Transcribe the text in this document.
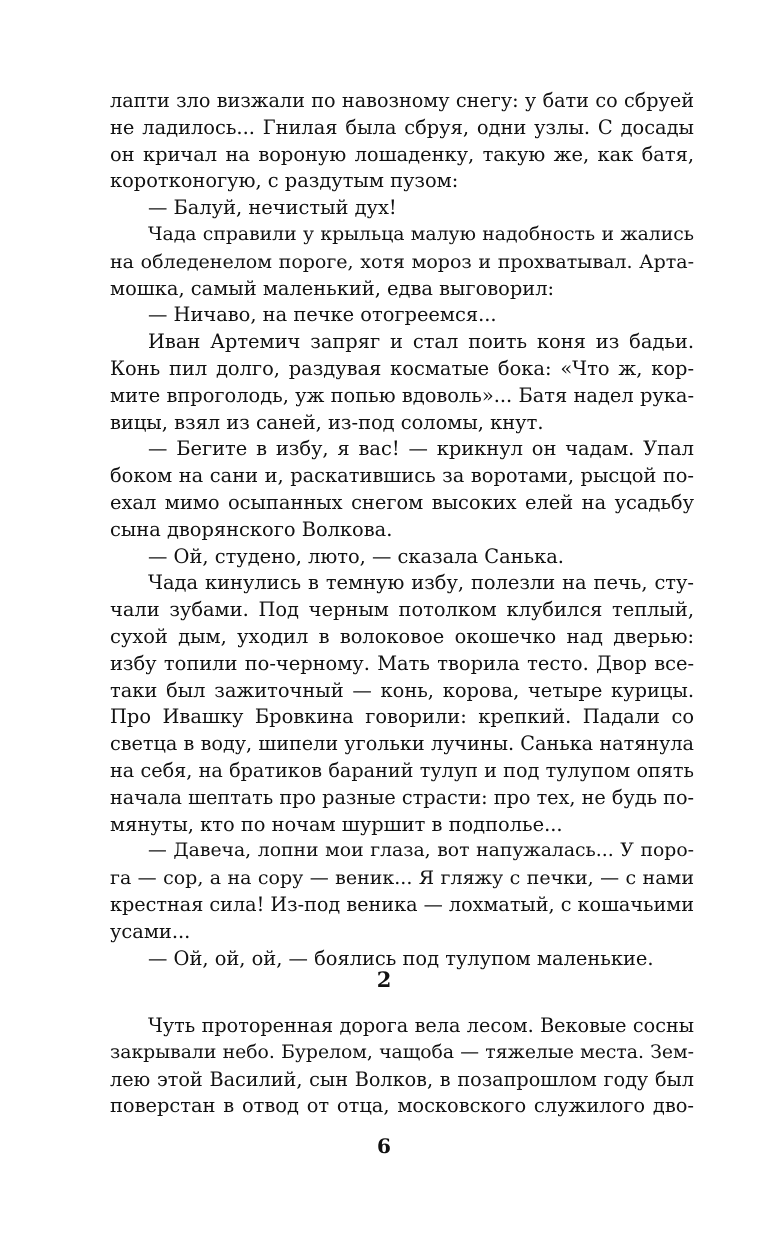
лапти зло визжали по навозному снегу: у бати со сбруей
не ладилось... Гнилая была сбруя, одни узлы. С досады
он кричал на вороную лошаденку, такую же, как батя,
коротконогую, с раздутым пузом:
— Балуй, нечистый дух!
Чада справили у крыльца малую надобность и жались
на обледенелом пороге, хотя мороз и прохватывал. Арта-
мошка, самый маленький, едва выговорил:
— Ничаво, на печке отогреемся...
Иван Артемич запряг и стал поить коня из бадьи.
Конь пил долго, раздувая косматые бока: «Что ж, кор-
мите впроголодь, уж попью вдоволь»... Батя надел рука-
вицы, взял из саней, из-под соломы, кнут.
— Бегите в избу, я вас! — крикнул он чадам. Упал
боком на сани и, раскатившись за воротами, рысцой по-
ехал мимо осыпанных снегом высоких елей на усадьбу
сына дворянского Волкова.
— Ой, студено, люто, — сказала Санька.
Чада кинулись в темную избу, полезли на печь, сту-
чали зубами. Под черным потолком клубился теплый,
сухой дым, уходил в волоковое окошечко над дверью:
избу топили по-черному. Мать творила тесто. Двор все-
таки был зажиточный — конь, корова, четыре курицы.
Про Ивашку Бровкина говорили: крепкий. Падали со
светца в воду, шипели угольки лучины. Санька натянула
на себя, на братиков бараний тулуп и под тулупом опять
начала шептать про разные страсти: про тех, не будь по-
мянуты, кто по ночам шуршит в подполье...
— Давеча, лопни мои глаза, вот напужалась... У поро-
га — сор, а на сору — веник... Я гляжу с печки, — с нами
крестная сила! Из-под веника — лохматый, с кошачьими
усами...
— Ой, ой, ой, — боялись под тулупом маленькие.
2
Чуть проторенная дорога вела лесом. Вековые сосны
закрывали небо. Бурелом, чащоба — тяжелые места. Зем-
лею этой Василий, сын Волков, в позапрошлом году был
поверстан в отвод от отца, московского служилого дво-
6
